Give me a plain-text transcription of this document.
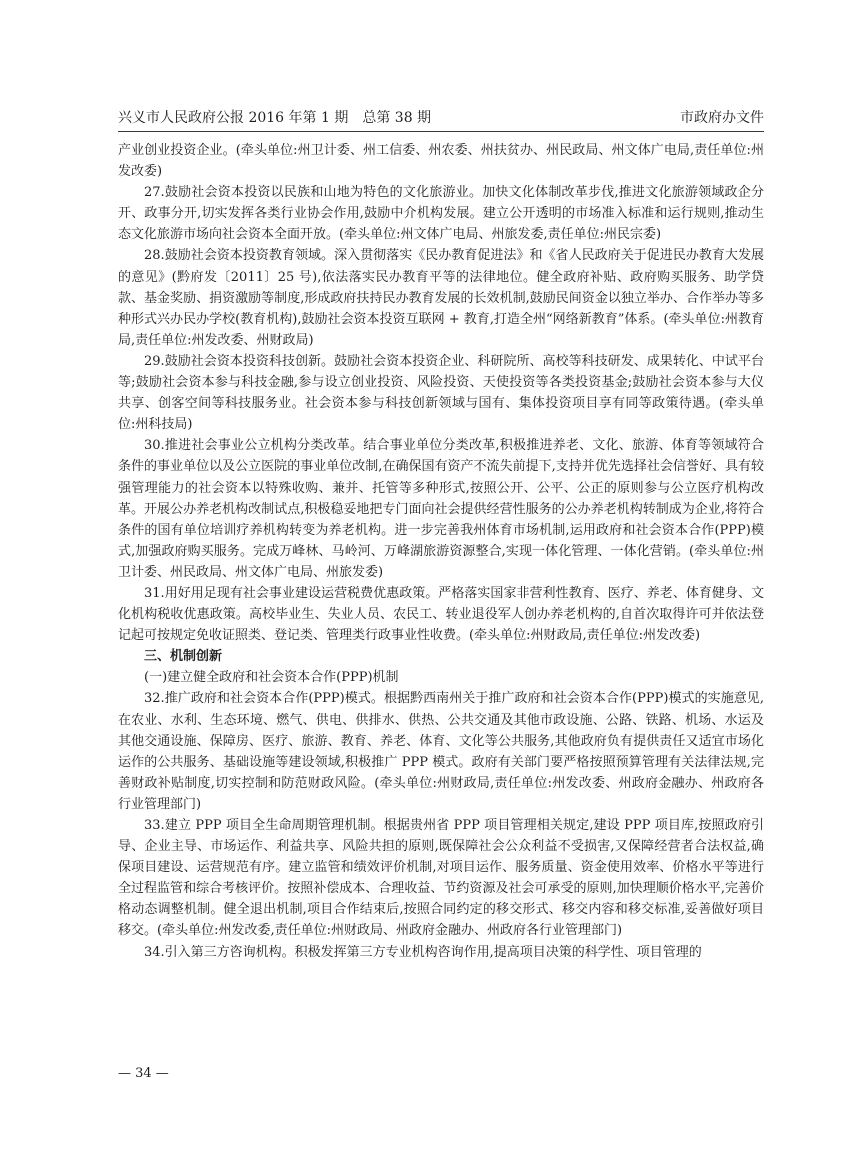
兴义市人民政府公报 2016 年第 1 期　总第 38 期	市政府办文件

产业创业投资企业。(牵头单位:州卫计委、州工信委、州农委、州扶贫办、州民政局、州文体广电局,责任单位:州发改委)

27.鼓励社会资本投资以民族和山地为特色的文化旅游业。加快文化体制改革步伐,推进文化旅游领域政企分开、政事分开,切实发挥各类行业协会作用,鼓励中介机构发展。建立公开透明的市场准入标准和运行规则,推动生态文化旅游市场向社会资本全面开放。(牵头单位:州文体广电局、州旅发委,责任单位:州民宗委)

28.鼓励社会资本投资教育领域。深入贯彻落实《民办教育促进法》和《省人民政府关于促进民办教育大发展的意见》(黔府发〔2011〕25 号),依法落实民办教育平等的法律地位。健全政府补贴、政府购买服务、助学贷款、基金奖励、捐资激励等制度,形成政府扶持民办教育发展的长效机制,鼓励民间资金以独立举办、合作举办等多种形式兴办民办学校(教育机构),鼓励社会资本投资互联网 + 教育,打造全州“网络新教育”体系。(牵头单位:州教育局,责任单位:州发改委、州财政局)

29.鼓励社会资本投资科技创新。鼓励社会资本投资企业、科研院所、高校等科技研发、成果转化、中试平台等;鼓励社会资本参与科技金融,参与设立创业投资、风险投资、天使投资等各类投资基金;鼓励社会资本参与大仪共享、创客空间等科技服务业。社会资本参与科技创新领域与国有、集体投资项目享有同等政策待遇。(牵头单位:州科技局)

30.推进社会事业公立机构分类改革。结合事业单位分类改革,积极推进养老、文化、旅游、体育等领域符合条件的事业单位以及公立医院的事业单位改制,在确保国有资产不流失前提下,支持并优先选择社会信誉好、具有较强管理能力的社会资本以特殊收购、兼并、托管等多种形式,按照公开、公平、公正的原则参与公立医疗机构改革。开展公办养老机构改制试点,积极稳妥地把专门面向社会提供经营性服务的公办养老机构转制成为企业,将符合条件的国有单位培训疗养机构转变为养老机构。进一步完善我州体育市场机制,运用政府和社会资本合作(PPP)模式,加强政府购买服务。完成万峰林、马岭河、万峰湖旅游资源整合,实现一体化管理、一体化营销。(牵头单位:州卫计委、州民政局、州文体广电局、州旅发委)

31.用好用足现有社会事业建设运营税费优惠政策。严格落实国家非营利性教育、医疗、养老、体育健身、文化机构税收优惠政策。高校毕业生、失业人员、农民工、转业退役军人创办养老机构的,自首次取得许可并依法登记起可按规定免收证照类、登记类、管理类行政事业性收费。(牵头单位:州财政局,责任单位:州发改委)

三、机制创新

(一)建立健全政府和社会资本合作(PPP)机制

32.推广政府和社会资本合作(PPP)模式。根据黔西南州关于推广政府和社会资本合作(PPP)模式的实施意见,在农业、水利、生态环境、燃气、供电、供排水、供热、公共交通及其他市政设施、公路、铁路、机场、水运及其他交通设施、保障房、医疗、旅游、教育、养老、体育、文化等公共服务,其他政府负有提供责任又适宜市场化运作的公共服务、基础设施等建设领域,积极推广 PPP 模式。政府有关部门要严格按照预算管理有关法律法规,完善财政补贴制度,切实控制和防范财政风险。(牵头单位:州财政局,责任单位:州发改委、州政府金融办、州政府各行业管理部门)

33.建立 PPP 项目全生命周期管理机制。根据贵州省 PPP 项目管理相关规定,建设 PPP 项目库,按照政府引导、企业主导、市场运作、利益共享、风险共担的原则,既保障社会公众利益不受损害,又保障经营者合法权益,确保项目建设、运营规范有序。建立监管和绩效评价机制,对项目运作、服务质量、资金使用效率、价格水平等进行全过程监管和综合考核评价。按照补偿成本、合理收益、节约资源及社会可承受的原则,加快理顺价格水平,完善价格动态调整机制。健全退出机制,项目合作结束后,按照合同约定的移交形式、移交内容和移交标准,妥善做好项目移交。(牵头单位:州发改委,责任单位:州财政局、州政府金融办、州政府各行业管理部门)

34.引入第三方咨询机构。积极发挥第三方专业机构咨询作用,提高项目决策的科学性、项目管理的

— 34 —
